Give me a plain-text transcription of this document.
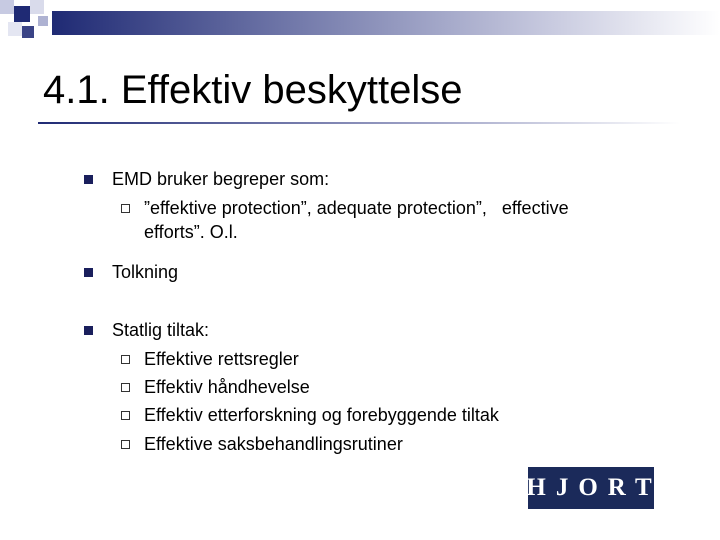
4.1. Effektiv beskyttelse
EMD bruker begreper som:
”effektive protection”, adequate protection”,   effective
efforts”. O.l.
Tolkning
Statlig tiltak:
Effektive rettsregler
Effektiv håndhevelse
Effektiv etterforskning og forebyggende tiltak
Effektive saksbehandlingsrutiner
HJORT
